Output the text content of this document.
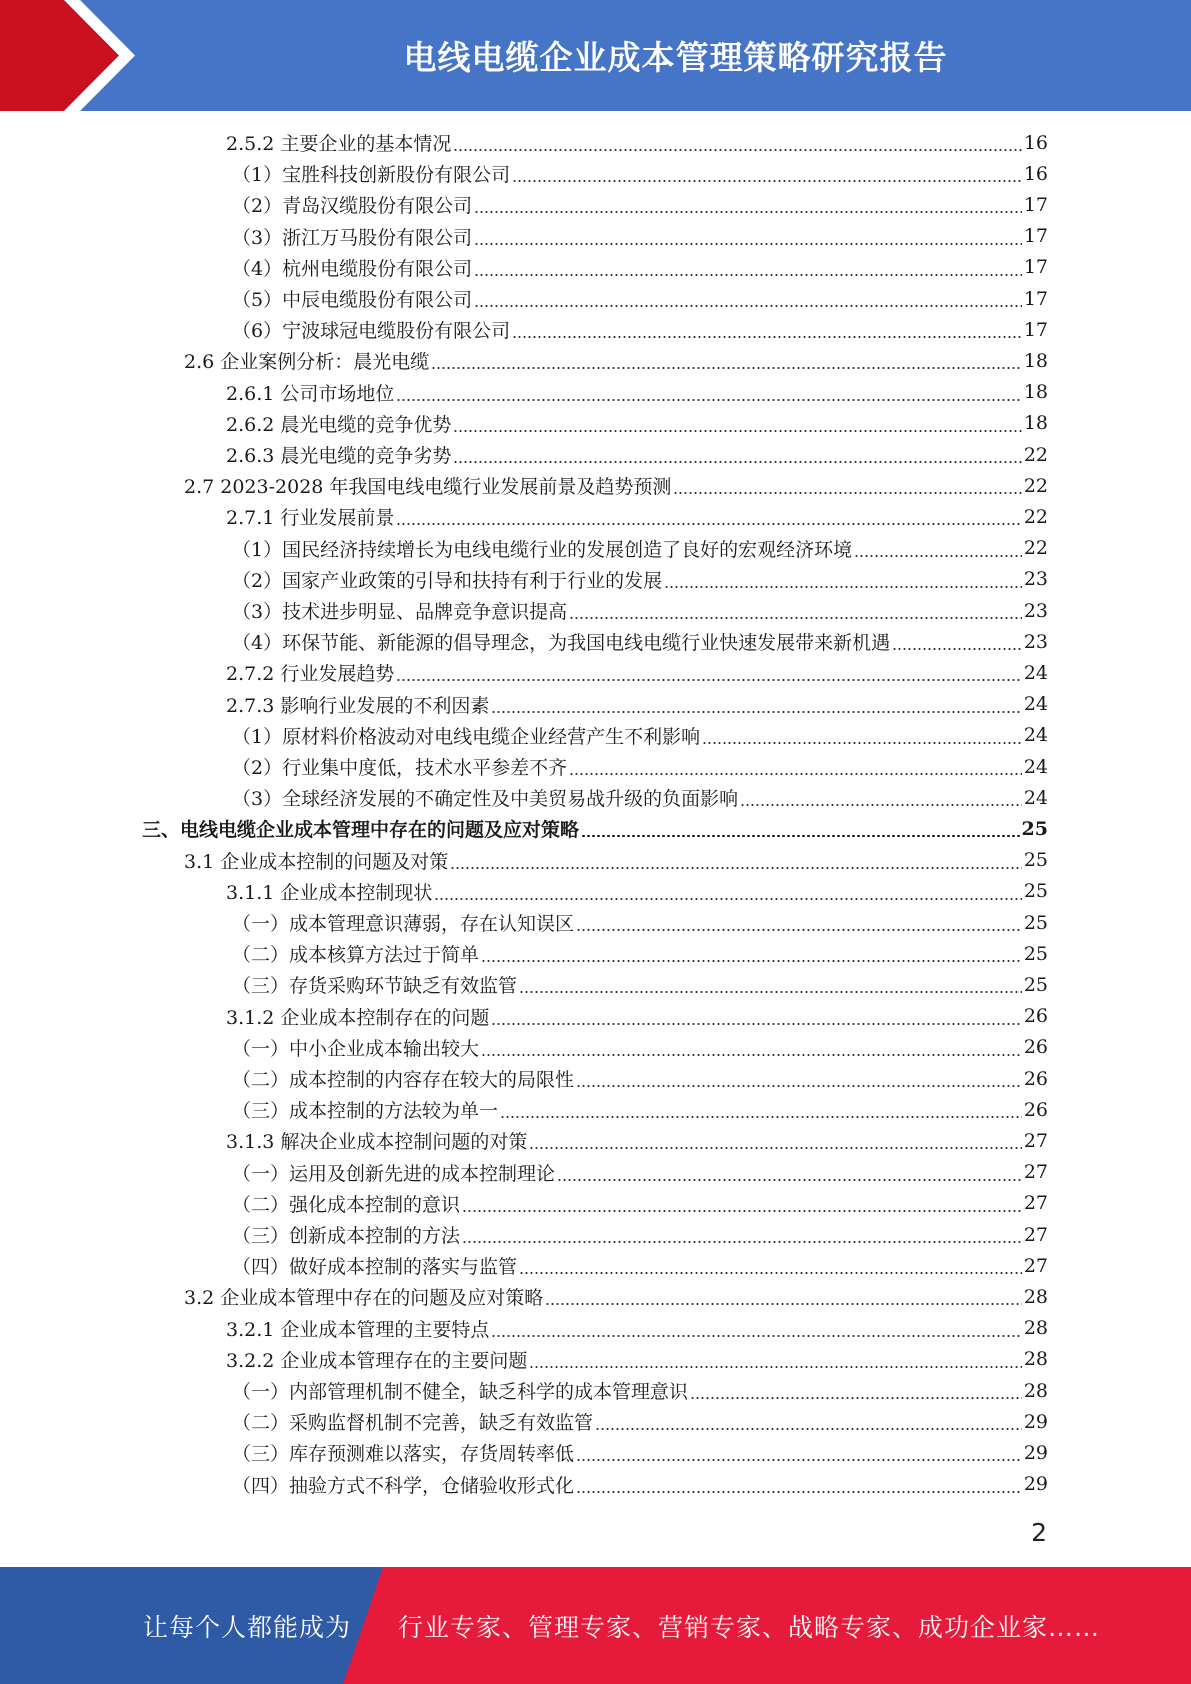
电线电缆企业成本管理策略研究报告
2.5.2 主要企业的基本情况	16
（1）宝胜科技创新股份有限公司	16
（2）青岛汉缆股份有限公司	17
（3）浙江万马股份有限公司	17
（4）杭州电缆股份有限公司	17
（5）中辰电缆股份有限公司	17
（6）宁波球冠电缆股份有限公司	17
2.6 企业案例分析：晨光电缆	18
2.6.1 公司市场地位	18
2.6.2 晨光电缆的竞争优势	18
2.6.3 晨光电缆的竞争劣势	22
2.7 2023-2028 年我国电线电缆行业发展前景及趋势预测	22
2.7.1 行业发展前景	22
（1）国民经济持续增长为电线电缆行业的发展创造了良好的宏观经济环境	22
（2）国家产业政策的引导和扶持有利于行业的发展	23
（3）技术进步明显、品牌竞争意识提高	23
（4）环保节能、新能源的倡导理念，为我国电线电缆行业快速发展带来新机遇	23
2.7.2 行业发展趋势	24
2.7.3 影响行业发展的不利因素	24
（1）原材料价格波动对电线电缆企业经营产生不利影响	24
（2）行业集中度低，技术水平参差不齐	24
（3）全球经济发展的不确定性及中美贸易战升级的负面影响	24
三、电线电缆企业成本管理中存在的问题及应对策略	25
3.1 企业成本控制的问题及对策	25
3.1.1 企业成本控制现状	25
（一）成本管理意识薄弱，存在认知误区	25
（二）成本核算方法过于简单	25
（三）存货采购环节缺乏有效监管	25
3.1.2 企业成本控制存在的问题	26
（一）中小企业成本输出较大	26
（二）成本控制的内容存在较大的局限性	26
（三）成本控制的方法较为单一	26
3.1.3 解决企业成本控制问题的对策	27
（一）运用及创新先进的成本控制理论	27
（二）强化成本控制的意识	27
（三）创新成本控制的方法	27
（四）做好成本控制的落实与监管	27
3.2 企业成本管理中存在的问题及应对策略	28
3.2.1 企业成本管理的主要特点	28
3.2.2 企业成本管理存在的主要问题	28
（一）内部管理机制不健全，缺乏科学的成本管理意识	28
（二）采购监督机制不完善，缺乏有效监管	29
（三）库存预测难以落实，存货周转率低	29
（四）抽验方式不科学，仓储验收形式化	29
2
让每个人都能成为 行业专家、管理专家、营销专家、战略专家、成功企业家……
